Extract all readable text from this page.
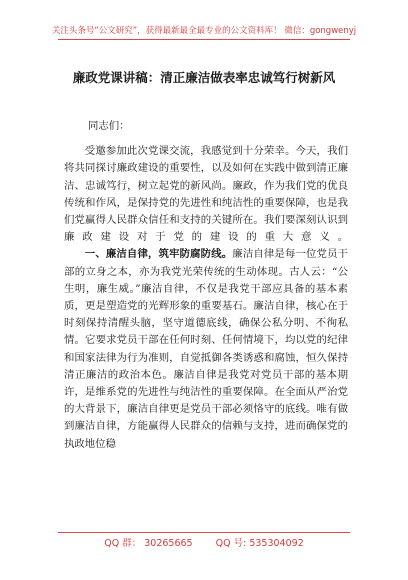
关注头条号“公文研究”，获得最新最全最专业的公文资料库！ 微信：gongwenyj
廉政党课讲稿：清正廉洁做表率忠诚笃行树新风

同志们：

受邀参加此次党课交流，我感觉到十分荣幸。今天，我们将共同探讨廉政建设的重要性，以及如何在实践中做到清正廉洁、忠诚笃行，树立起党的新风尚。廉政，作为我们党的优良传统和作风，是保持党的先进性和纯洁性的重要保障，也是我们党赢得人民群众信任和支持的关键所在。我们要深刻认识到廉政建设对于党的建设的重大意义。

一、廉洁自律，筑牢防腐防线。廉洁自律是每一位党员干部的立身之本，亦为我党光荣传统的生动体现。古人云：“公生明，廉生威。”廉洁自律，不仅是我党干部应具备的基本素质，更是塑造党的光辉形象的重要基石。廉洁自律，核心在于时刻保持清醒头脑，坚守道德底线，确保公私分明、不徇私情。它要求党员干部在任何时刻、任何情境下，均以党的纪律和国家法律为行为准则，自觉抵御各类诱惑和腐蚀，恒久保持清正廉洁的政治本色。廉洁自律是我党对党员干部的基本期许，是维系党的先进性与纯洁性的重要保障。在全面从严治党的大背景下，廉洁自律更是党员干部必须恪守的底线。唯有做到廉洁自律，方能赢得人民群众的信赖与支持，进而确保党的执政地位稳

QQ 群： 30265665 QQ 号: 535304092
